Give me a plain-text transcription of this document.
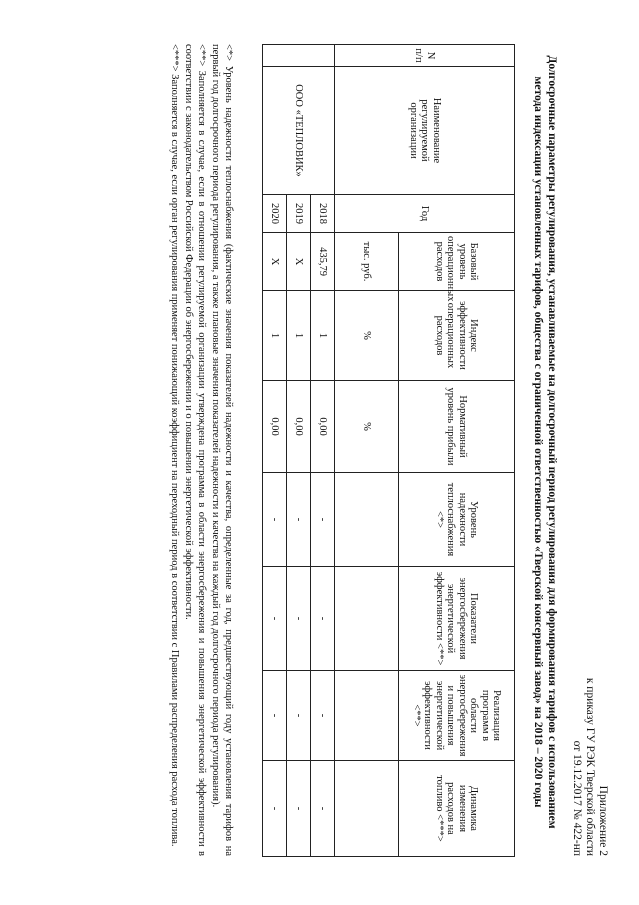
Приложение 2
к приказу ГУ РЭК Тверской области
от 19.12.2017 № 422-нп
Долгосрочные параметры регулирования, устанавливаемые на долгосрочный период регулирования для формирования тарифов с использованием
метода индексации установленных тарифов, общества с ограниченной ответственностью «Тверской консервный завод» на 2018 – 2020 годы
N п/п	Наименование регулируемой организации	Год	Базовый уровень операционных расходов	Индекс эффективности операционных расходов	Нормативный уровень прибыли	Уровень надежности теплоснабжения <*>	Показатели энергосбережения энергетической эффективности <**>	Реализация программ в области энергосбережения и повышения энергетической эффективности <**>	Динамика изменения расходов на топливо <***>
			тыс. руб.	%	%				
	ООО «ТЕПЛОВИК»	2018	435,79	1	0,00	-	-	-	-
		2019	X	1	0,00	-	-	-	-
		2020	X	1	0,00	-	-	-	-

<*> Уровень надежности теплоснабжения (фактические значения показателей надежности и качества, определенные за год, предшествующий году установления тарифов на первый год долгосрочного периода регулирования, а также плановые значения показателей надежности и качества на каждый год долгосрочного периода регулирования).

<**> Заполняется в случае, если в отношении регулируемой организации утверждена программа в области энергосбережения и повышения энергетической эффективности в соответствии с законодательством Российской Федерации об энергосбережении и о повышении энергетической эффективности.

<***> Заполняется в случае, если орган регулирования применяет понижающий коэффициент на переходный период в соответствии с Правилами распределения расхода топлива.
